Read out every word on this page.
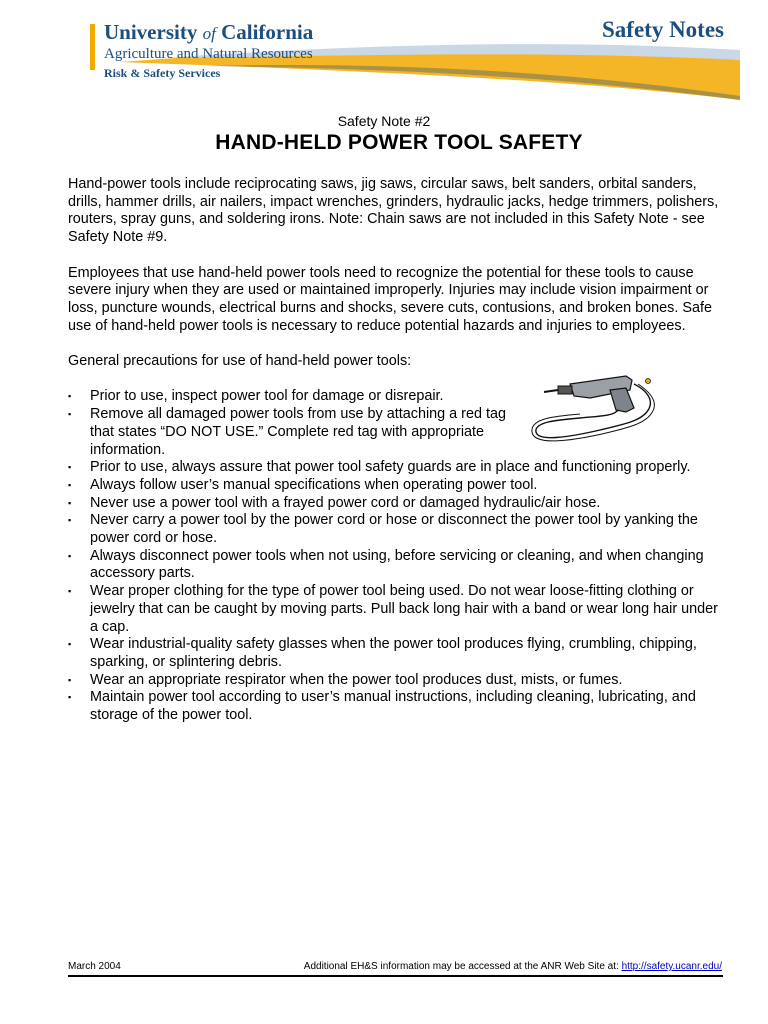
University of California
Agriculture and Natural Resources
Risk & Safety Services
Safety Notes
Safety Note #2
HAND-HELD POWER TOOL SAFETY

Hand-power tools include reciprocating saws, jig saws, circular saws, belt sanders, orbital sanders, drills, hammer drills, air nailers, impact wrenches, grinders, hydraulic jacks, hedge trimmers, polishers, routers, spray guns, and soldering irons. Note: Chain saws are not included in this Safety Note - see Safety Note #9.

Employees that use hand-held power tools need to recognize the potential for these tools to cause severe injury when they are used or maintained improperly. Injuries may include vision impairment or loss, puncture wounds, electrical burns and shocks, severe cuts, contusions, and broken bones. Safe use of hand-held power tools is necessary to reduce potential hazards and injuries to employees.

General precautions for use of hand-held power tools:

▪ Prior to use, inspect power tool for damage or disrepair.
▪ Remove all damaged power tools from use by attaching a red tag that states “DO NOT USE.” Complete red tag with appropriate information.
▪ Prior to use, always assure that power tool safety guards are in place and functioning properly.
▪ Always follow user’s manual specifications when operating power tool.
▪ Never use a power tool with a frayed power cord or damaged hydraulic/air hose.
▪ Never carry a power tool by the power cord or hose or disconnect the power tool by yanking the power cord or hose.
▪ Always disconnect power tools when not using, before servicing or cleaning, and when changing accessory parts.
▪ Wear proper clothing for the type of power tool being used. Do not wear loose-fitting clothing or jewelry that can be caught by moving parts. Pull back long hair with a band or wear long hair under a cap.
▪ Wear industrial-quality safety glasses when the power tool produces flying, crumbling, chipping, sparking, or splintering debris.
▪ Wear an appropriate respirator when the power tool produces dust, mists, or fumes.
▪ Maintain power tool according to user’s manual instructions, including cleaning, lubricating, and storage of the power tool.
March 2004	Additional EH&S information may be accessed at the ANR Web Site at: http://safety.ucanr.edu/
